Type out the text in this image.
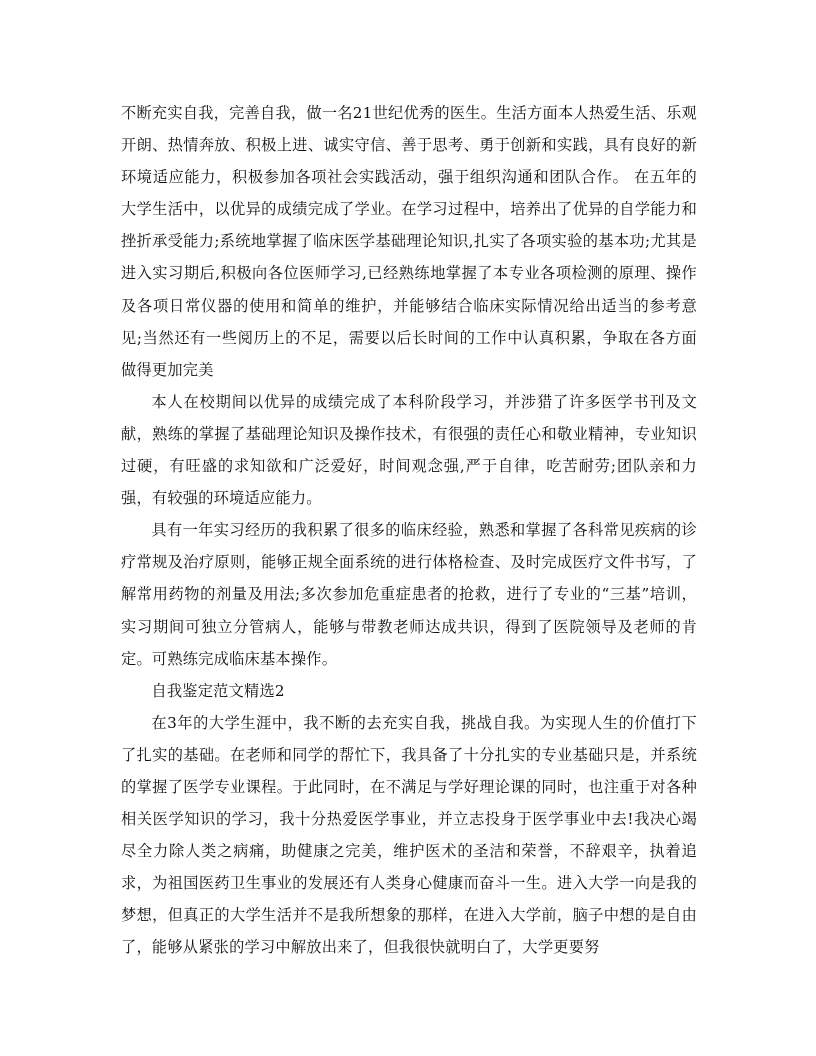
不断充实自我，完善自我，做一名21世纪优秀的医生。生活方面本人热爱生活、乐观开朗、热情奔放、积极上进、诚实守信、善于思考、勇于创新和实践，具有良好的新环境适应能力，积极参加各项社会实践活动，强于组织沟通和团队合作。 在五年的大学生活中，以优异的成绩完成了学业。在学习过程中，培养出了优异的自学能力和挫折承受能力;系统地掌握了临床医学基础理论知识,扎实了各项实验的基本功;尤其是进入实习期后,积极向各位医师学习,已经熟练地掌握了本专业各项检测的原理、操作及各项日常仪器的使用和简单的维护，并能够结合临床实际情况给出适当的参考意见;当然还有一些阅历上的不足，需要以后长时间的工作中认真积累，争取在各方面做得更加完美

本人在校期间以优异的成绩完成了本科阶段学习，并涉猎了许多医学书刊及文献，熟练的掌握了基础理论知识及操作技术，有很强的责任心和敬业精神，专业知识过硬，有旺盛的求知欲和广泛爱好，时间观念强,严于自律，吃苦耐劳;团队亲和力强，有较强的环境适应能力。

具有一年实习经历的我积累了很多的临床经验，熟悉和掌握了各科常见疾病的诊疗常规及治疗原则，能够正规全面系统的进行体格检查、及时完成医疗文件书写，了解常用药物的剂量及用法;多次参加危重症患者的抢救，进行了专业的“三基”培训，实习期间可独立分管病人，能够与带教老师达成共识，得到了医院领导及老师的肯定。可熟练完成临床基本操作。

自我鉴定范文精选2

在3年的大学生涯中，我不断的去充实自我，挑战自我。为实现人生的价值打下了扎实的基础。在老师和同学的帮忙下，我具备了十分扎实的专业基础只是，并系统的掌握了医学专业课程。于此同时，在不满足与学好理论课的同时，也注重于对各种相关医学知识的学习，我十分热爱医学事业，并立志投身于医学事业中去!我决心竭尽全力除人类之病痛，助健康之完美，维护医术的圣洁和荣誉，不辞艰辛，执着追求，为祖国医药卫生事业的发展还有人类身心健康而奋斗一生。进入大学一向是我的梦想，但真正的大学生活并不是我所想象的那样，在进入大学前，脑子中想的是自由了，能够从紧张的学习中解放出来了，但我很快就明白了，大学更要努
